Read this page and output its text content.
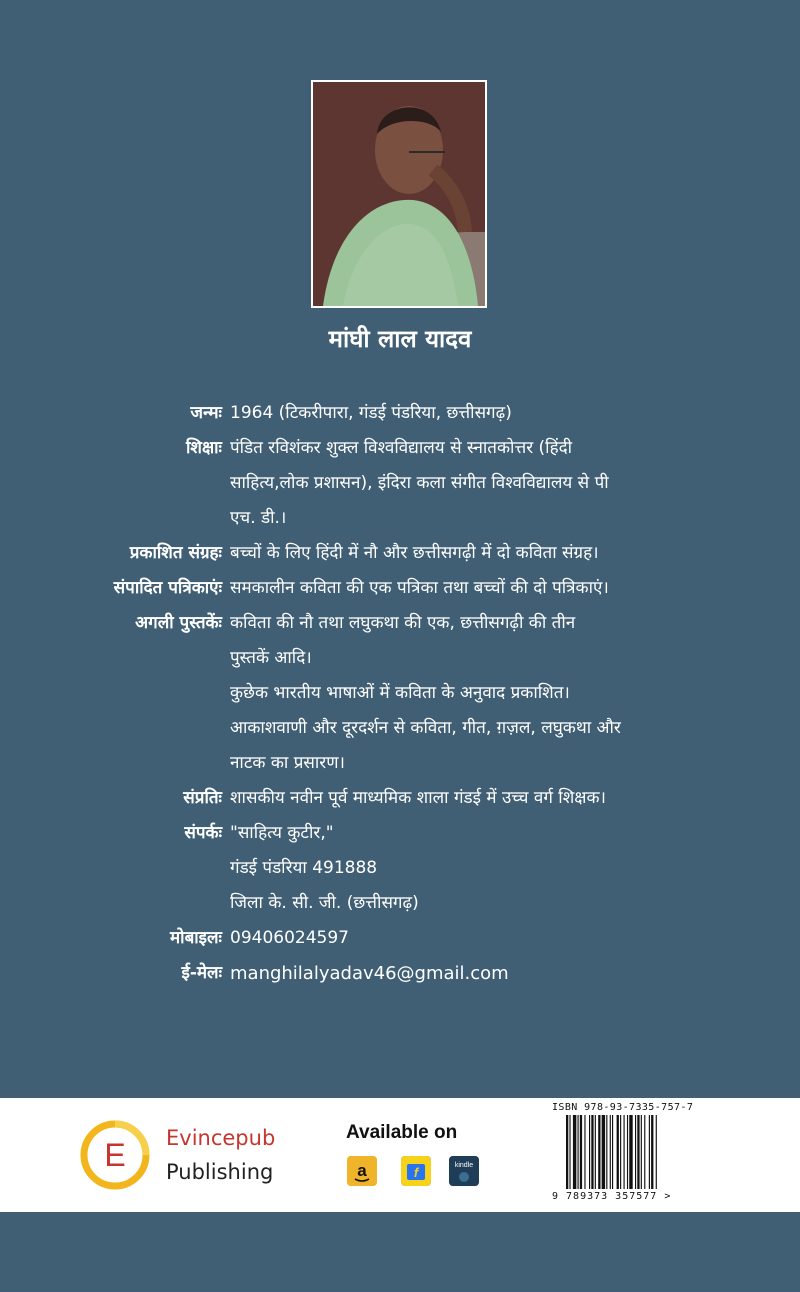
मांघी लाल यादव
जन्मः 1964 (टिकरीपारा, गंडई पंडरिया, छत्तीसगढ़)
शिक्षाः पंडित रविशंकर शुक्ल विश्वविद्यालय से स्नातकोत्तर (हिंदी
साहित्य,लोक प्रशासन), इंदिरा कला संगीत विश्वविद्यालय से पी
एच. डी.।
प्रकाशित संग्रहः बच्चों के लिए हिंदी में नौ और छत्तीसगढ़ी में दो कविता संग्रह।
संपादित पत्रिकाएंः समकालीन कविता की एक पत्रिका तथा बच्चों की दो पत्रिकाएं।
अगली पुस्तकेंः कविता की नौ तथा लघुकथा की एक, छत्तीसगढ़ी की तीन
पुस्तकें आदि।
कुछेक भारतीय भाषाओं में कविता के अनुवाद प्रकाशित।
आकाशवाणी और दूरदर्शन से कविता, गीत, ग़ज़ल, लघुकथा और
नाटक का प्रसारण।
संप्रतिः शासकीय नवीन पूर्व माध्यमिक शाला गंडई में उच्च वर्ग शिक्षक।
संपर्कः "साहित्य कुटीर,"
गंडई पंडरिया 491888
जिला के. सी. जी. (छत्तीसगढ़)
मोबाइलः 09406024597
ई-मेलः manghilalyadav46@gmail.com
E Evincepub
Publishing
Available on
a	f	kindle
ISBN 978-93-7335-757-7
9 789373 357577 >
